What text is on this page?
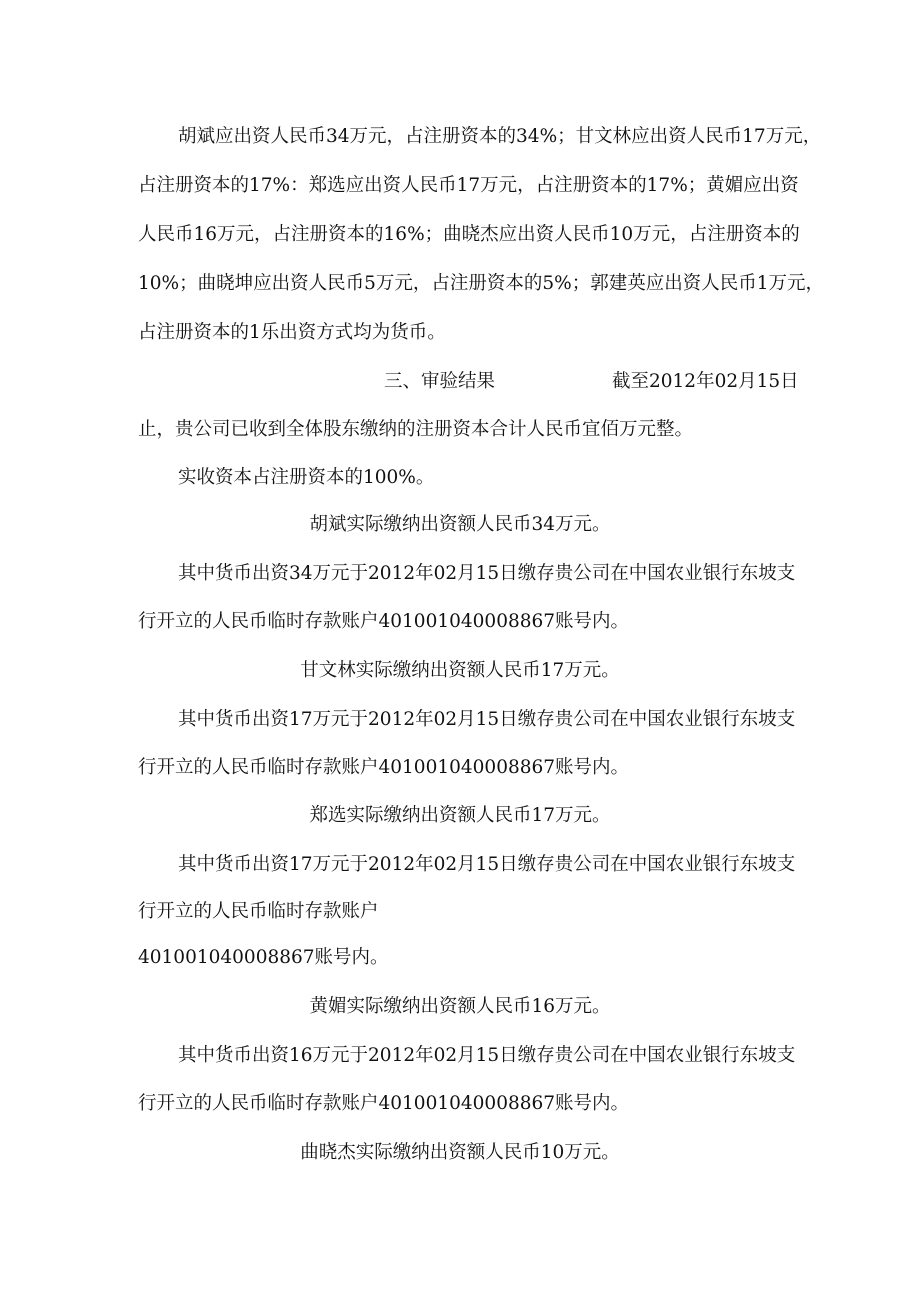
胡斌应出资人民币34万元，占注册资本的34%；甘文林应出资人民币17万元，
占注册资本的17%：郑选应出资人民币17万元，占注册资本的17%；黄媚应出资
人民币16万元，占注册资本的16%；曲晓杰应出资人民币10万元，占注册资本的
10%；曲晓坤应出资人民币5万元，占注册资本的5%；郭建英应出资人民币1万元，
占注册资本的1乐出资方式均为货币。
三、审验结果	截至2012年02月15日
止，贵公司已收到全体股东缴纳的注册资本合计人民币宜佰万元整。
实收资本占注册资本的100%。
胡斌实际缴纳出资额人民币34万元。
其中货币出资34万元于2012年02月15日缴存贵公司在中国农业银行东坡支
行开立的人民币临时存款账户401001040008867账号内。
甘文林实际缴纳出资额人民币17万元。
其中货币出资17万元于2012年02月15日缴存贵公司在中国农业银行东坡支
行开立的人民币临时存款账户401001040008867账号内。
郑选实际缴纳出资额人民币17万元。
其中货币出资17万元于2012年02月15日缴存贵公司在中国农业银行东坡支
行开立的人民币临时存款账户
401001040008867账号内。
黄媚实际缴纳出资额人民币16万元。
其中货币出资16万元于2012年02月15日缴存贵公司在中国农业银行东坡支
行开立的人民币临时存款账户401001040008867账号内。
曲晓杰实际缴纳出资额人民币10万元。
